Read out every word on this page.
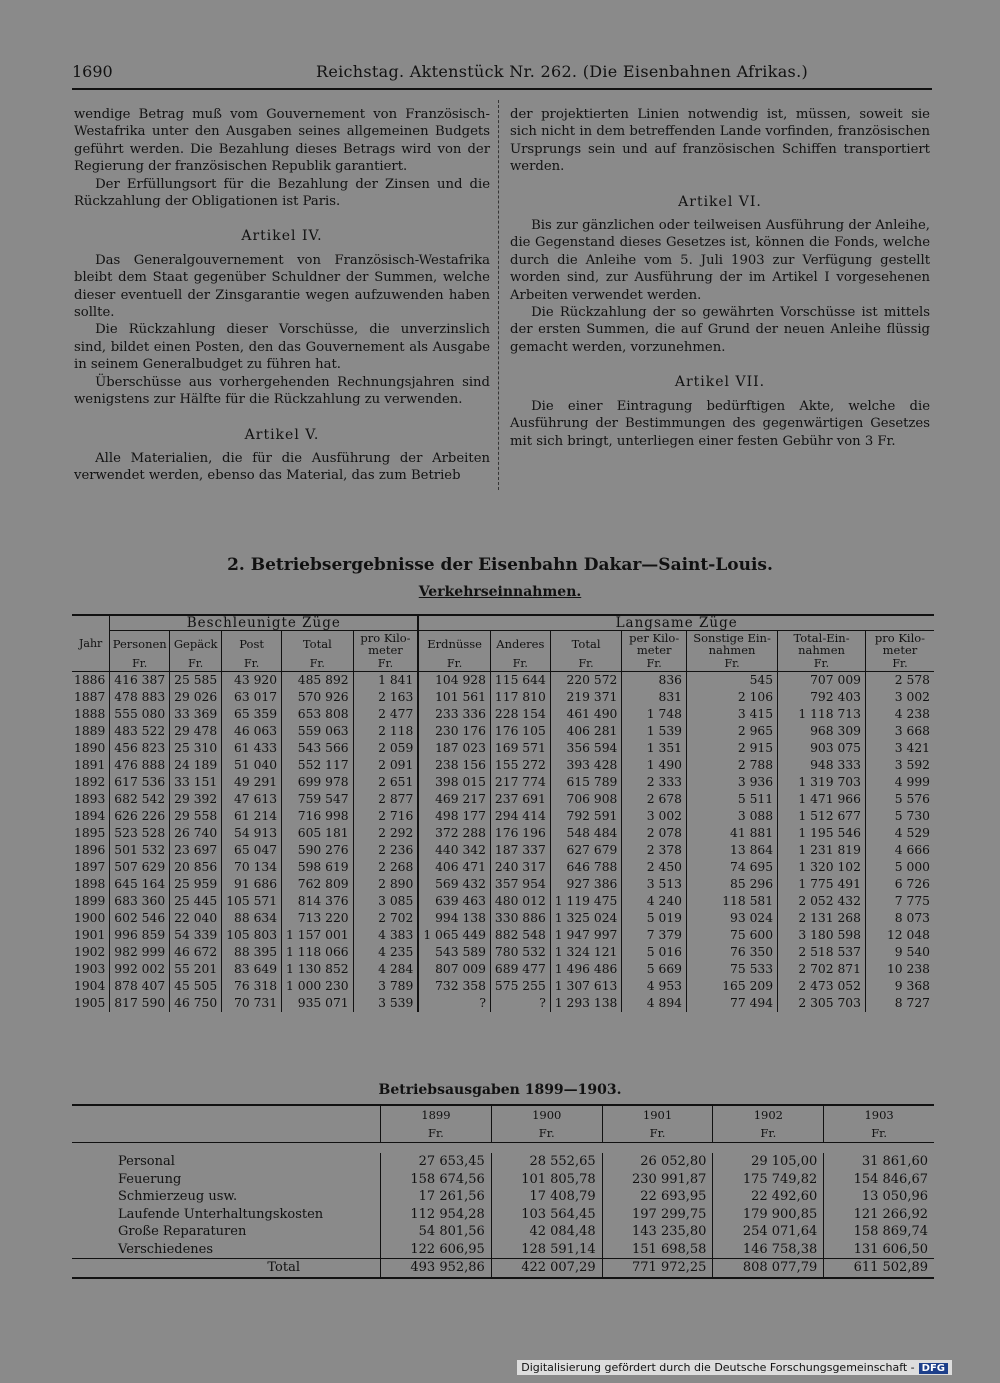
1690	Reichstag. Aktenstück Nr. 262. (Die Eisenbahnen Afrikas.)

wendige Betrag muß vom Gouvernement von Französisch-Westafrika unter den Ausgaben seines allgemeinen Budgets geführt werden. Die Bezahlung dieses Betrags wird von der Regierung der französischen Republik garantiert.

Der Erfüllungsort für die Bezahlung der Zinsen und die Rückzahlung der Obligationen ist Paris.

Artikel IV.

Das Generalgouvernement von Französisch-Westafrika bleibt dem Staat gegenüber Schuldner der Summen, welche dieser eventuell der Zinsgarantie wegen aufzuwenden haben sollte.

Die Rückzahlung dieser Vorschüsse, die unverzinslich sind, bildet einen Posten, den das Gouvernement als Ausgabe in seinem Generalbudget zu führen hat.

Überschüsse aus vorhergehenden Rechnungsjahren sind wenigstens zur Hälfte für die Rückzahlung zu verwenden.

Artikel V.

Alle Materialien, die für die Ausführung der Arbeiten verwendet werden, ebenso das Material, das zum Betrieb

der projektierten Linien notwendig ist, müssen, soweit sie sich nicht in dem betreffenden Lande vorfinden, französischen Ursprungs sein und auf französischen Schiffen transportiert werden.

Artikel VI.

Bis zur gänzlichen oder teilweisen Ausführung der Anleihe, die Gegenstand dieses Gesetzes ist, können die Fonds, welche durch die Anleihe vom 5. Juli 1903 zur Verfügung gestellt worden sind, zur Ausführung der im Artikel I vorgesehenen Arbeiten verwendet werden.

Die Rückzahlung der so gewährten Vorschüsse ist mittels der ersten Summen, die auf Grund der neuen Anleihe flüssig gemacht werden, vorzunehmen.

Artikel VII.

Die einer Eintragung bedürftigen Akte, welche die Ausführung der Bestimmungen des gegenwärtigen Gesetzes mit sich bringt, unterliegen einer festen Gebühr von 3 Fr.

2. Betriebsergebnisse der Eisenbahn Dakar—Saint-Louis.
Verkehrseinnahmen.
Jahr	Beschleunigte Züge					Langsame Züge						
	Personen	Gepäck	Post	Total	pro Kilo-meter	Erdnüsse	Anderes	Total	per Kilo-meter	Sonstige Ein-nahmen	Total-Ein-nahmen	pro Kilo-meter
	Fr.	Fr.	Fr.	Fr.	Fr.	Fr.	Fr.	Fr.	Fr.	Fr.	Fr.	Fr.
1886	416 387	25 585	43 920	485 892	1 841	104 928	115 644	220 572	836	545	707 009	2 578
1887	478 883	29 026	63 017	570 926	2 163	101 561	117 810	219 371	831	2 106	792 403	3 002
1888	555 080	33 369	65 359	653 808	2 477	233 336	228 154	461 490	1 748	3 415	1 118 713	4 238
1889	483 522	29 478	46 063	559 063	2 118	230 176	176 105	406 281	1 539	2 965	968 309	3 668
1890	456 823	25 310	61 433	543 566	2 059	187 023	169 571	356 594	1 351	2 915	903 075	3 421
1891	476 888	24 189	51 040	552 117	2 091	238 156	155 272	393 428	1 490	2 788	948 333	3 592
1892	617 536	33 151	49 291	699 978	2 651	398 015	217 774	615 789	2 333	3 936	1 319 703	4 999
1893	682 542	29 392	47 613	759 547	2 877	469 217	237 691	706 908	2 678	5 511	1 471 966	5 576
1894	626 226	29 558	61 214	716 998	2 716	498 177	294 414	792 591	3 002	3 088	1 512 677	5 730
1895	523 528	26 740	54 913	605 181	2 292	372 288	176 196	548 484	2 078	41 881	1 195 546	4 529
1896	501 532	23 697	65 047	590 276	2 236	440 342	187 337	627 679	2 378	13 864	1 231 819	4 666
1897	507 629	20 856	70 134	598 619	2 268	406 471	240 317	646 788	2 450	74 695	1 320 102	5 000
1898	645 164	25 959	91 686	762 809	2 890	569 432	357 954	927 386	3 513	85 296	1 775 491	6 726
1899	683 360	25 445	105 571	814 376	3 085	639 463	480 012	1 119 475	4 240	118 581	2 052 432	7 775
1900	602 546	22 040	88 634	713 220	2 702	994 138	330 886	1 325 024	5 019	93 024	2 131 268	8 073
1901	996 859	54 339	105 803	1 157 001	4 383	1 065 449	882 548	1 947 997	7 379	75 600	3 180 598	12 048
1902	982 999	46 672	88 395	1 118 066	4 235	543 589	780 532	1 324 121	5 016	76 350	2 518 537	9 540
1903	992 002	55 201	83 649	1 130 852	4 284	807 009	689 477	1 496 486	5 669	75 533	2 702 871	10 238
1904	878 407	45 505	76 318	1 000 230	3 789	732 358	575 255	1 307 613	4 953	165 209	2 473 052	9 368
1905	817 590	46 750	70 731	935 071	3 539	?	?	1 293 138	4 894	77 494	2 305 703	8 727
Betriebsausgaben 1899—1903.
	1899	1900	1901	1902	1903
	Fr.	Fr.	Fr.	Fr.	Fr.

Personal	27 653,45	28 552,65	26 052,80	29 105,00	31 861,60
Feuerung	158 674,56	101 805,78	230 991,87	175 749,82	154 846,67
Schmierzeug usw.	17 261,56	17 408,79	22 693,95	22 492,60	13 050,96
Laufende Unterhaltungskosten	112 954,28	103 564,45	197 299,75	179 900,85	121 266,92
Große Reparaturen	54 801,56	42 084,48	143 235,80	254 071,64	158 869,74
Verschiedenes	122 606,95	128 591,14	151 698,58	146 758,38	131 606,50
Total	493 952,86	422 007,29	771 972,25	808 077,79	611 502,89
Digitalisierung gefördert durch die Deutsche Forschungsgemeinschaft - DFG
